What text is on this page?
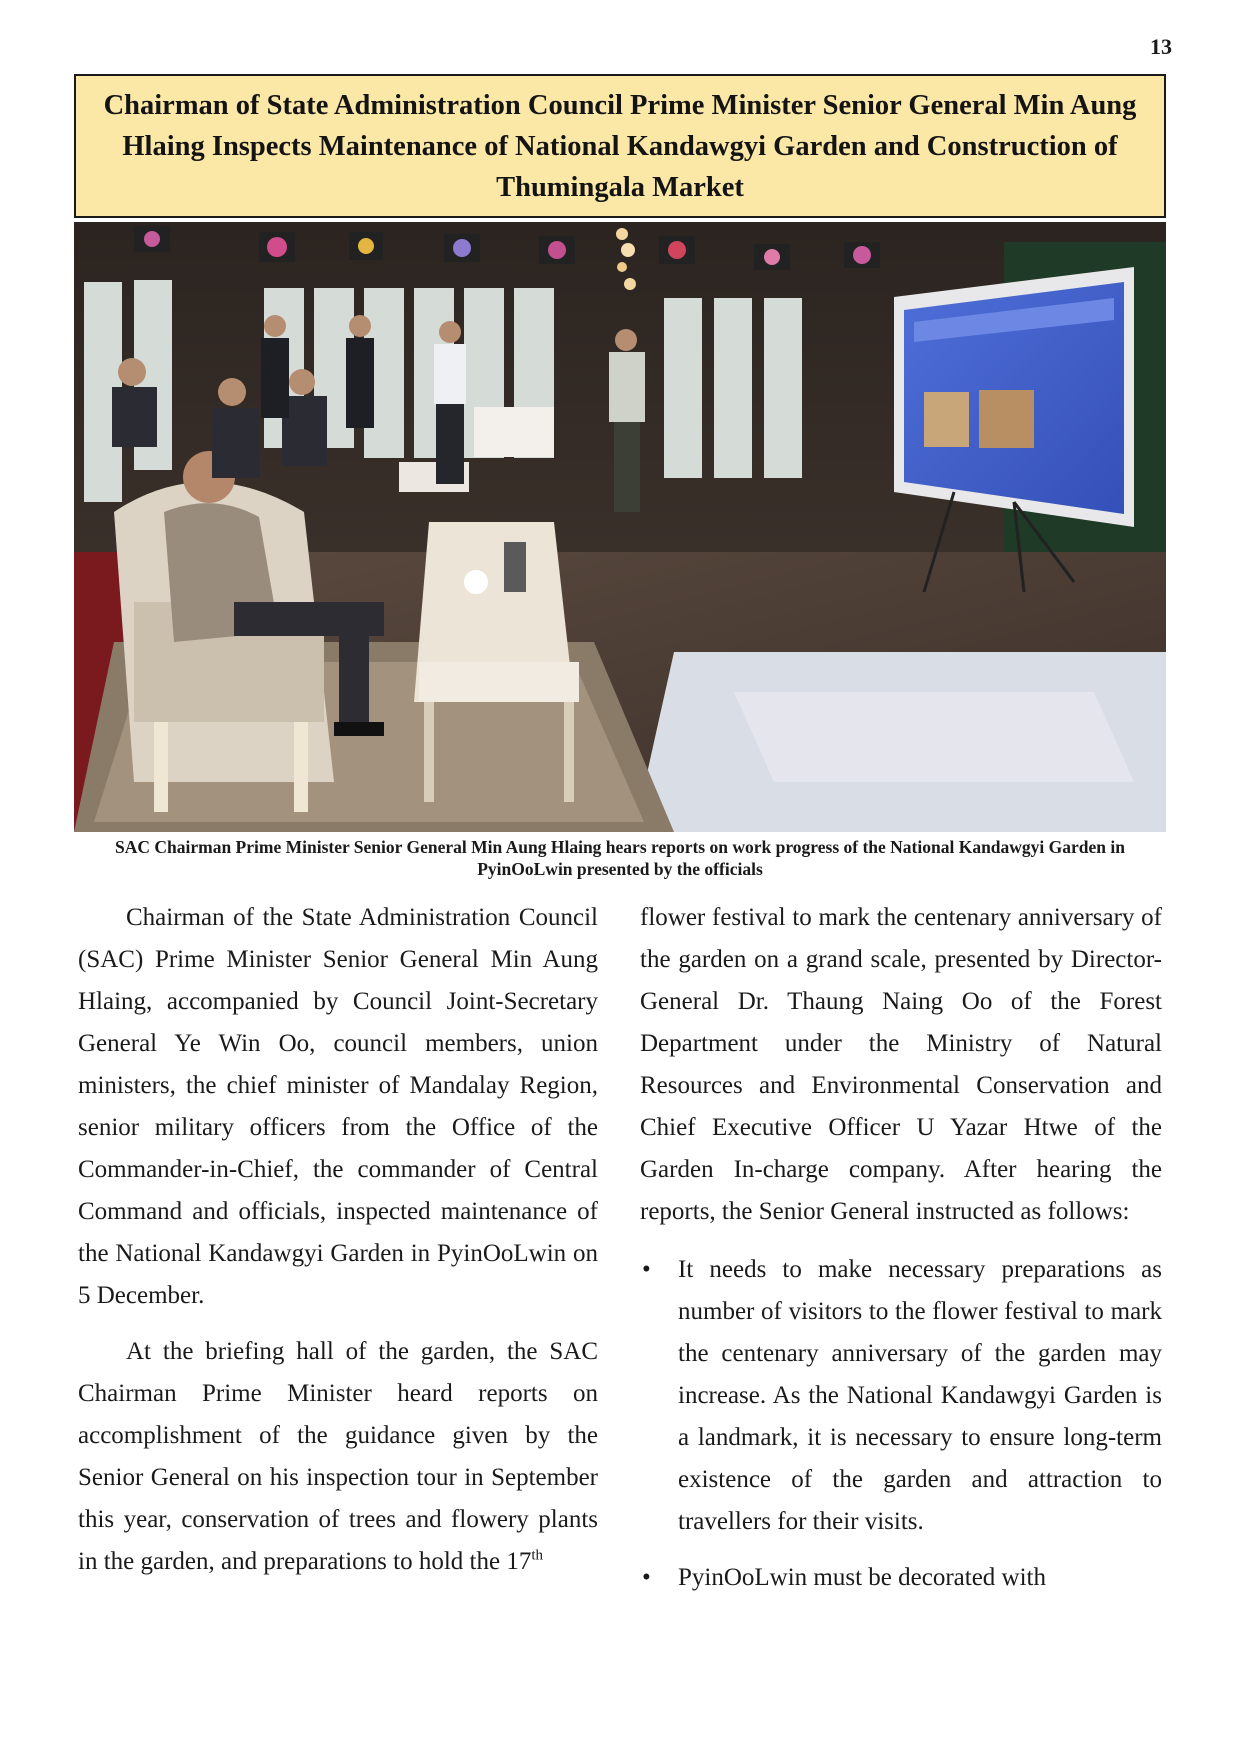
13
Chairman of State Administration Council Prime Minister Senior General Min Aung Hlaing Inspects Maintenance of National Kandawgyi Garden and Construction of Thumingala Market
SAC Chairman Prime Minister Senior General Min Aung Hlaing hears reports on work progress of the National Kandawgyi Garden in PyinOoLwin presented by the officials

Chairman of the State Administration Council (SAC) Prime Minister Senior General Min Aung Hlaing, accompanied by Council Joint-Secretary General Ye Win Oo, council members, union ministers, the chief minister of Mandalay Region, senior military officers from the Office of the Commander-in-Chief, the commander of Central Command and officials, inspected maintenance of the National Kandawgyi Garden in PyinOoLwin on 5 December.

At the briefing hall of the garden, the SAC Chairman Prime Minister heard reports on accomplishment of the guidance given by the Senior General on his inspection tour in September this year, conservation of trees and flowery plants in the garden, and preparations to hold the 17th

flower festival to mark the centenary anniversary of the garden on a grand scale, presented by Director-General Dr. Thaung Naing Oo of the Forest Department under the Ministry of Natural Resources and Environmental Conservation and Chief Executive Officer U Yazar Htwe of the Garden In-charge company. After hearing the reports, the Senior General instructed as follows:

• It needs to make necessary preparations as number of visitors to the flower festival to mark the centenary anniversary of the garden may increase. As the National Kandawgyi Garden is a landmark, it is necessary to ensure long-term existence of the garden and attraction to travellers for their visits.
• PyinOoLwin must be decorated with
